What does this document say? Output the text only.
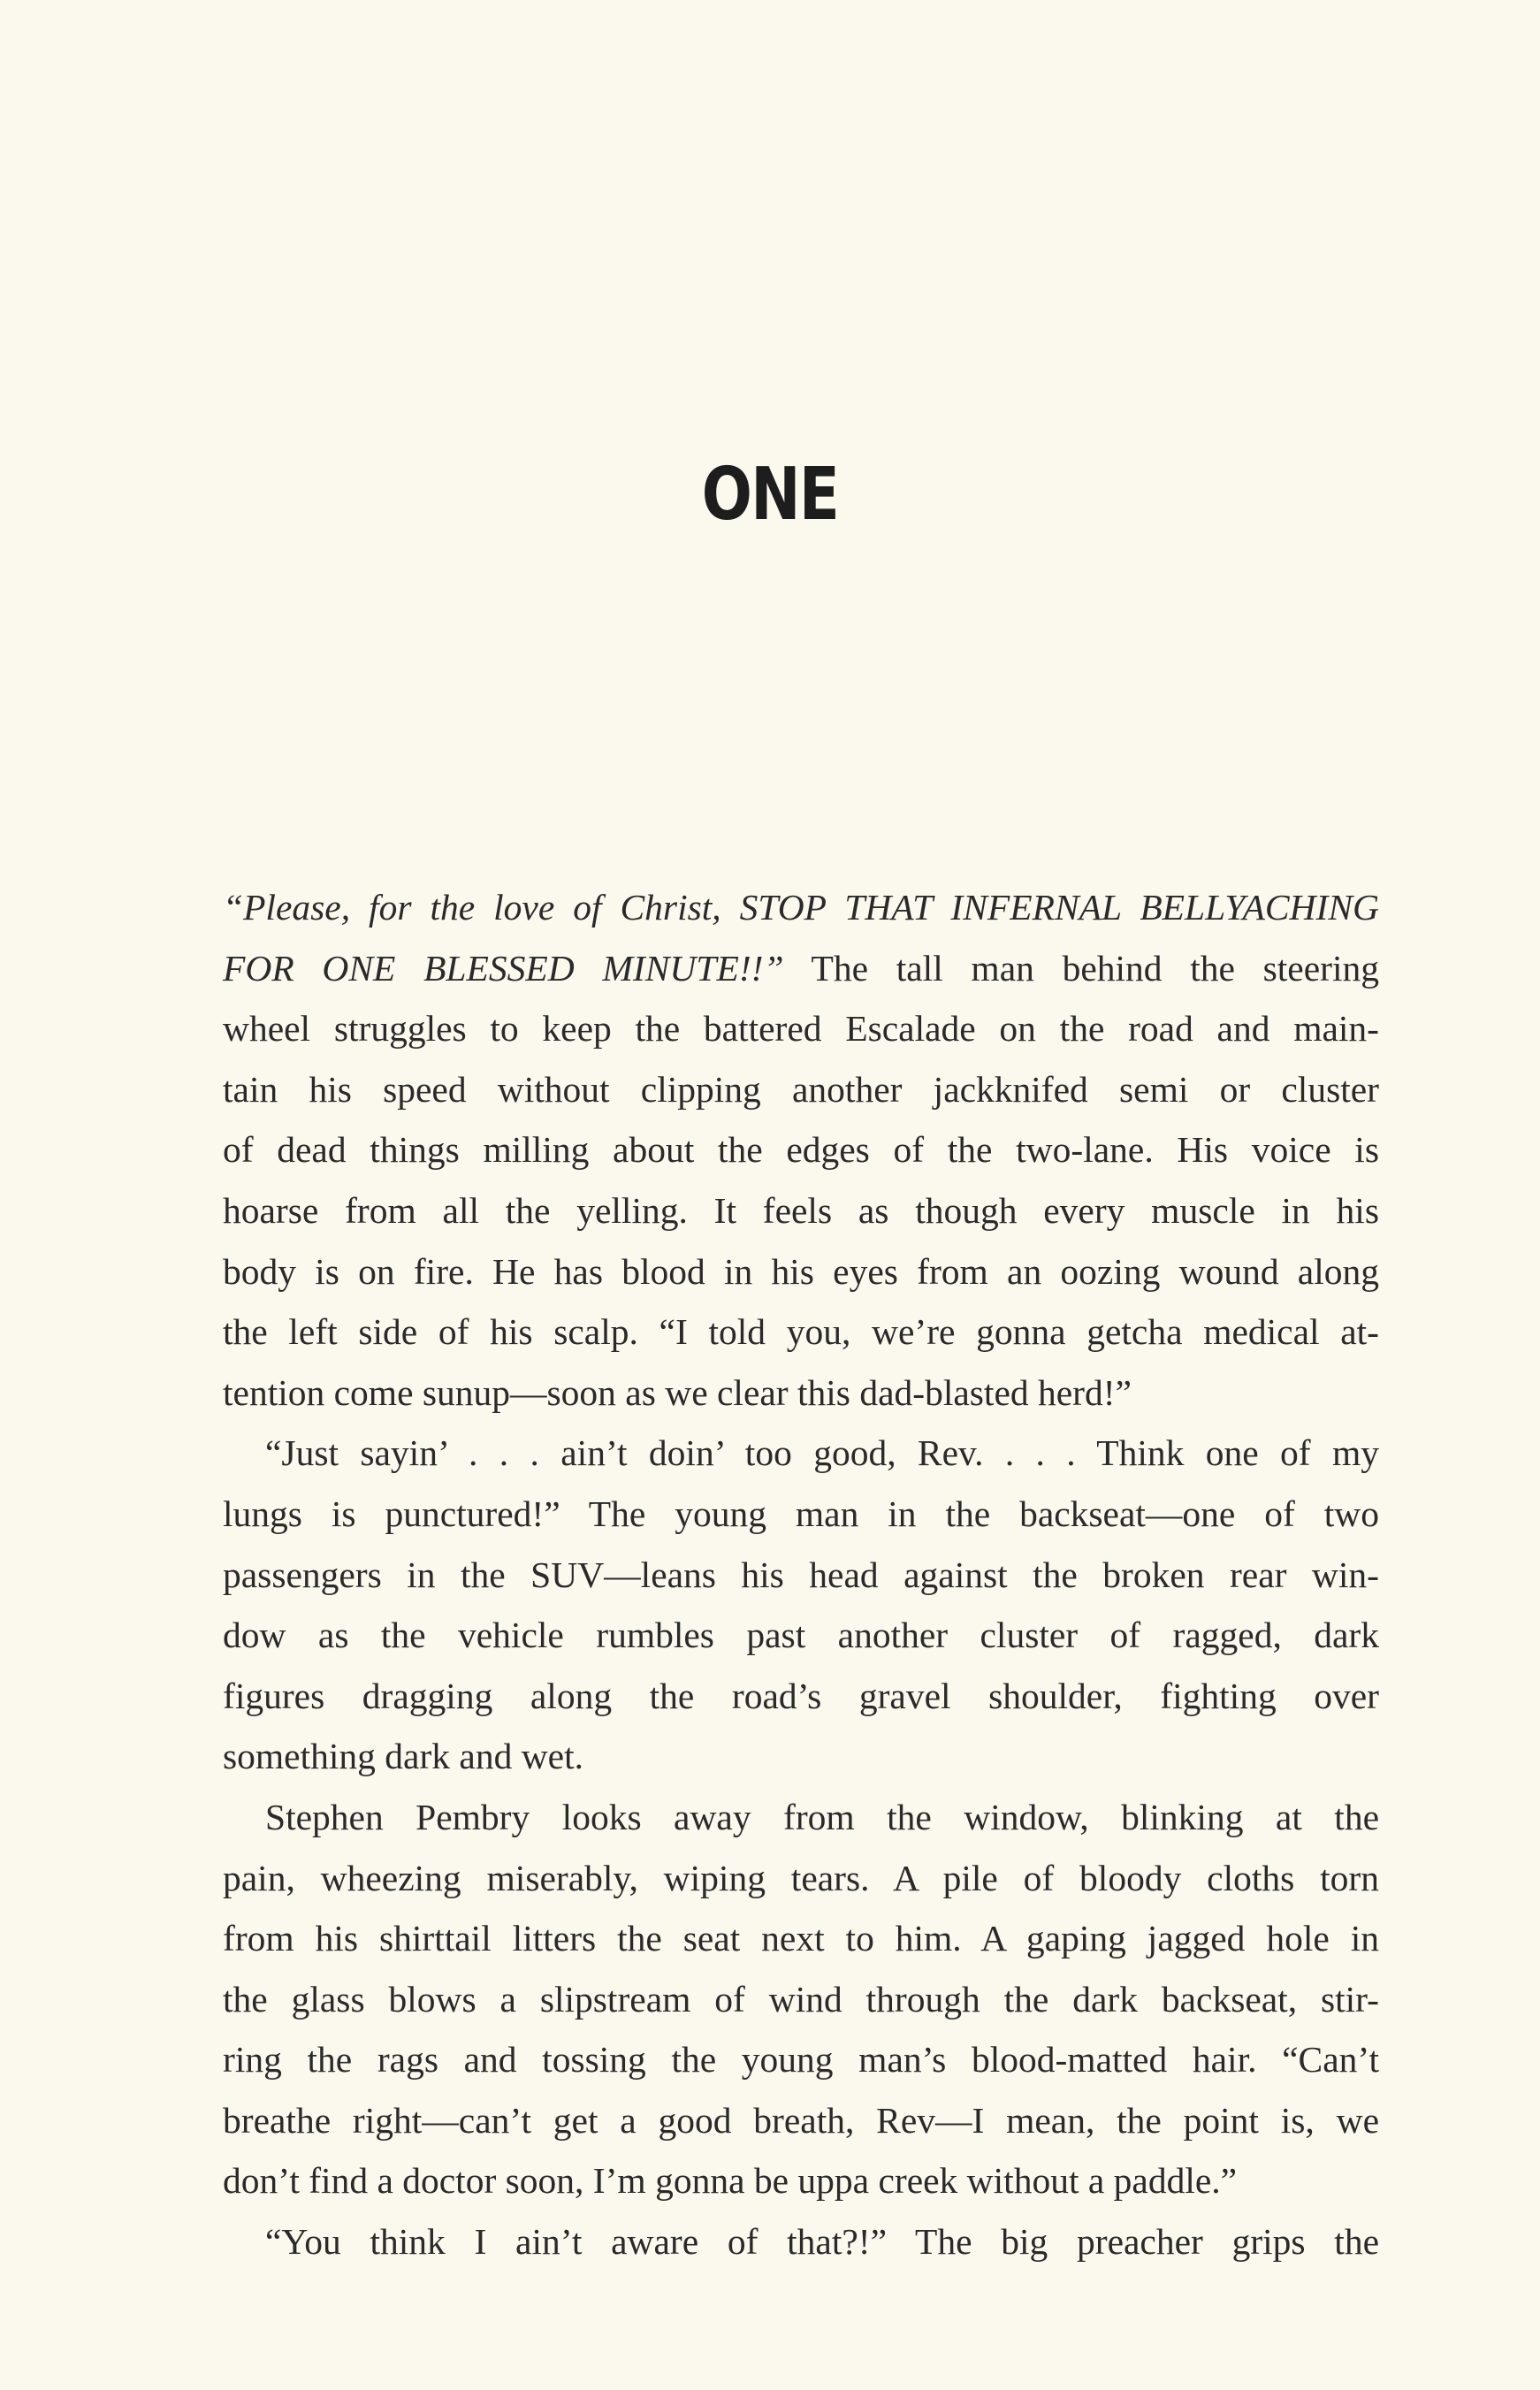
ONE
“Please, for the love of Christ, STOP THAT INFERNAL BELLYACHING
FOR ONE BLESSED MINUTE!!” The tall man behind the steering
wheel struggles to keep the battered Escalade on the road and main-
tain his speed without clipping another jackknifed semi or cluster
of dead things milling about the edges of the two-lane. His voice is
hoarse from all the yelling. It feels as though every muscle in his
body is on fire. He has blood in his eyes from an oozing wound along
the left side of his scalp. “I told you, we’re gonna getcha medical at-
tention come sunup—soon as we clear this dad-blasted herd!”
“Just sayin’ . . . ain’t doin’ too good, Rev. . . . Think one of my
lungs is punctured!” The young man in the backseat—one of two
passengers in the SUV—leans his head against the broken rear win-
dow as the vehicle rumbles past another cluster of ragged, dark
figures dragging along the road’s gravel shoulder, fighting over
something dark and wet.
Stephen Pembry looks away from the window, blinking at the
pain, wheezing miserably, wiping tears. A pile of bloody cloths torn
from his shirttail litters the seat next to him. A gaping jagged hole in
the glass blows a slipstream of wind through the dark backseat, stir-
ring the rags and tossing the young man’s blood-matted hair. “Can’t
breathe right—can’t get a good breath, Rev—I mean, the point is, we
don’t find a doctor soon, I’m gonna be uppa creek without a paddle.”
“You think I ain’t aware of that?!” The big preacher grips the
